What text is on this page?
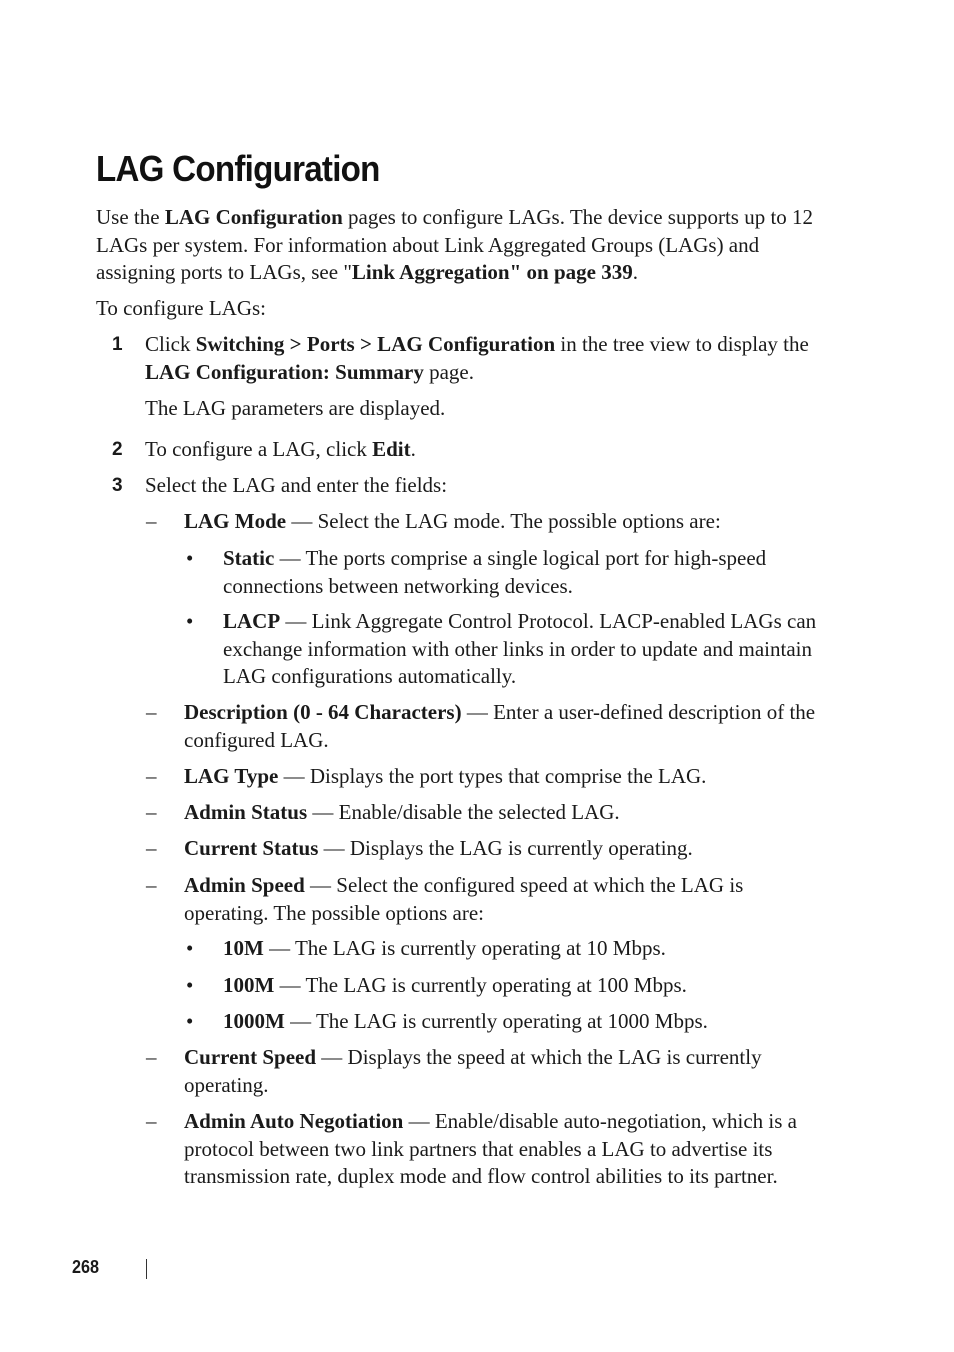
LAG Configuration

Use the LAG Configuration pages to configure LAGs. The device supports up to 12 LAGs per system. For information about Link Aggregated Groups (LAGs) and assigning ports to LAGs, see "Link Aggregation" on page 339.

To configure LAGs:

1 Click Switching > Ports > LAG Configuration in the tree view to display the LAG Configuration: Summary page.

The LAG parameters are displayed.

2 To configure a LAG, click Edit.

3 Select the LAG and enter the fields:

– LAG Mode — Select the LAG mode. The possible options are:

• Static — The ports comprise a single logical port for high-speed connections between networking devices.

• LACP — Link Aggregate Control Protocol. LACP-enabled LAGs can exchange information with other links in order to update and maintain LAG configurations automatically.

– Description (0 - 64 Characters) — Enter a user-defined description of the configured LAG.

– LAG Type — Displays the port types that comprise the LAG.

– Admin Status — Enable/disable the selected LAG.

– Current Status — Displays the LAG is currently operating.

– Admin Speed — Select the configured speed at which the LAG is operating. The possible options are:

• 10M — The LAG is currently operating at 10 Mbps.

• 100M — The LAG is currently operating at 100 Mbps.

• 1000M — The LAG is currently operating at 1000 Mbps.

– Current Speed — Displays the speed at which the LAG is currently operating.

– Admin Auto Negotiation — Enable/disable auto-negotiation, which is a protocol between two link partners that enables a LAG to advertise its transmission rate, duplex mode and flow control abilities to its partner.

268
